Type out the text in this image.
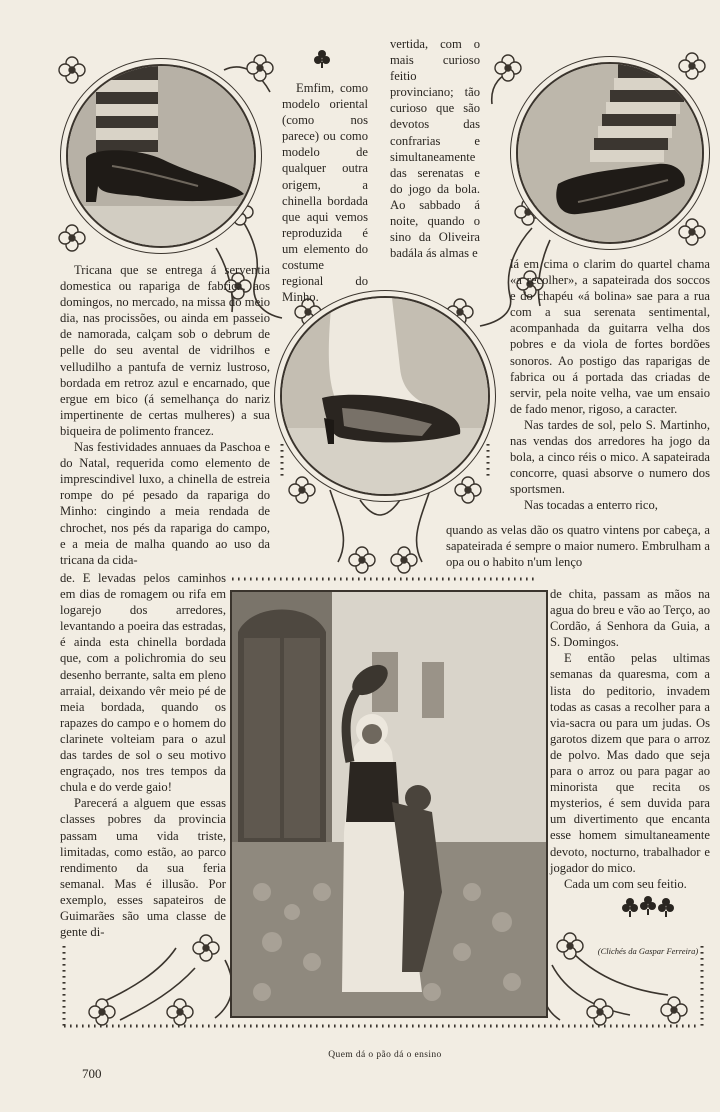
Emfim, como modelo oriental (como nos parece) ou como modelo de qualquer outra origem, a chinella bordada que aqui vemos reproduzida é um elemento do costume regional do Minho.

vertida, com o mais curioso feitio provinciano; tão curioso que são devotos das confrarias e simultaneamente das serenatas e do jogo da bola. Ao sabbado á noite, quando o sino da Oliveira badála ás almas e

Tricana que se entrega á serventia domestica ou rapariga de fabrica, aos domingos, no mercado, na missa do meio dia, nas procissões, ou ainda em passeio de namorada, calçam sob o debrum de pelle do seu avental de vidrilhos e velludilho a pantufa de verniz lustroso, bordada em retroz azul e encarnado, que ergue em bico (á semelhança do nariz impertinente de certas mulheres) a sua biqueira de polimento francez.

Nas festividades annuaes da Paschoa e do Natal, requerida como elemento de imprescindivel luxo, a chinella de estreia rompe do pé pesado da rapariga do Minho: cingindo a meia rendada de chrochet, nos pés da rapariga do campo, e a meia de malha quando ao uso da tricana da cida-

lá em cima o clarim do quartel chama «a recolher», a sapateirada dos soccos e do chapéu «á bolina» sae para a rua com a sua serenata sentimental, acompanhada da guitarra velha dos pobres e da viola de fortes bordões sonoros. Ao postigo das raparigas de fabrica ou á portada das criadas de servir, pela noite velha, vae um ensaio de fado menor, rigoso, a caracter.

Nas tardes de sol, pelo S. Martinho, nas vendas dos arredores ha jogo da bola, a cinco réis o mico. A sapateirada concorre, quasi absorve o numero dos sportsmen.

Nas tocadas a enterro rico,

quando as velas dão os quatro vintens por cabeça, a sapateirada é sempre o maior numero. Embrulham a opa ou o habito n'um lenço

de. E levadas pelos caminhos em dias de romagem ou rifa em logarejo dos arredores, levantando a poeira das estradas, é ainda esta chinella bordada que, com a polichromia do seu desenho berrante, salta em pleno arraial, deixando vêr meio pé de meia bordada, quando os rapazes do campo e o homem do clarinete volteiam para o azul das tardes de sol o seu motivo engraçado, nos tres tempos da chula e do verde gaio!

Parecerá a alguem que essas classes pobres da provincia passam uma vida triste, limitadas, como estão, ao parco rendimento da sua feria semanal. Mas é illusão. Por exemplo, esses sapateiros de Guimarães são uma classe de gente di-

de chita, passam as mãos na agua do breu e vão ao Terço, ao Cordão, á Senhora da Guia, a S. Domingos.

E então pelas ultimas semanas da quaresma, com a lista do peditorio, invadem todas as casas a recolher para a via-sacra ou para um judas. Os garotos dizem que para o arroz de polvo. Mas dado que seja para o arroz ou para pagar ao minorista que recita os mysterios, é sem duvida para um divertimento que encanta esse homem simultaneamente devoto, nocturno, trabalhador e jogador do mico.

Cada um com seu feitio.

(Clichés da Gaspar Ferreira)
Quem dá o pão dá o ensino
700
